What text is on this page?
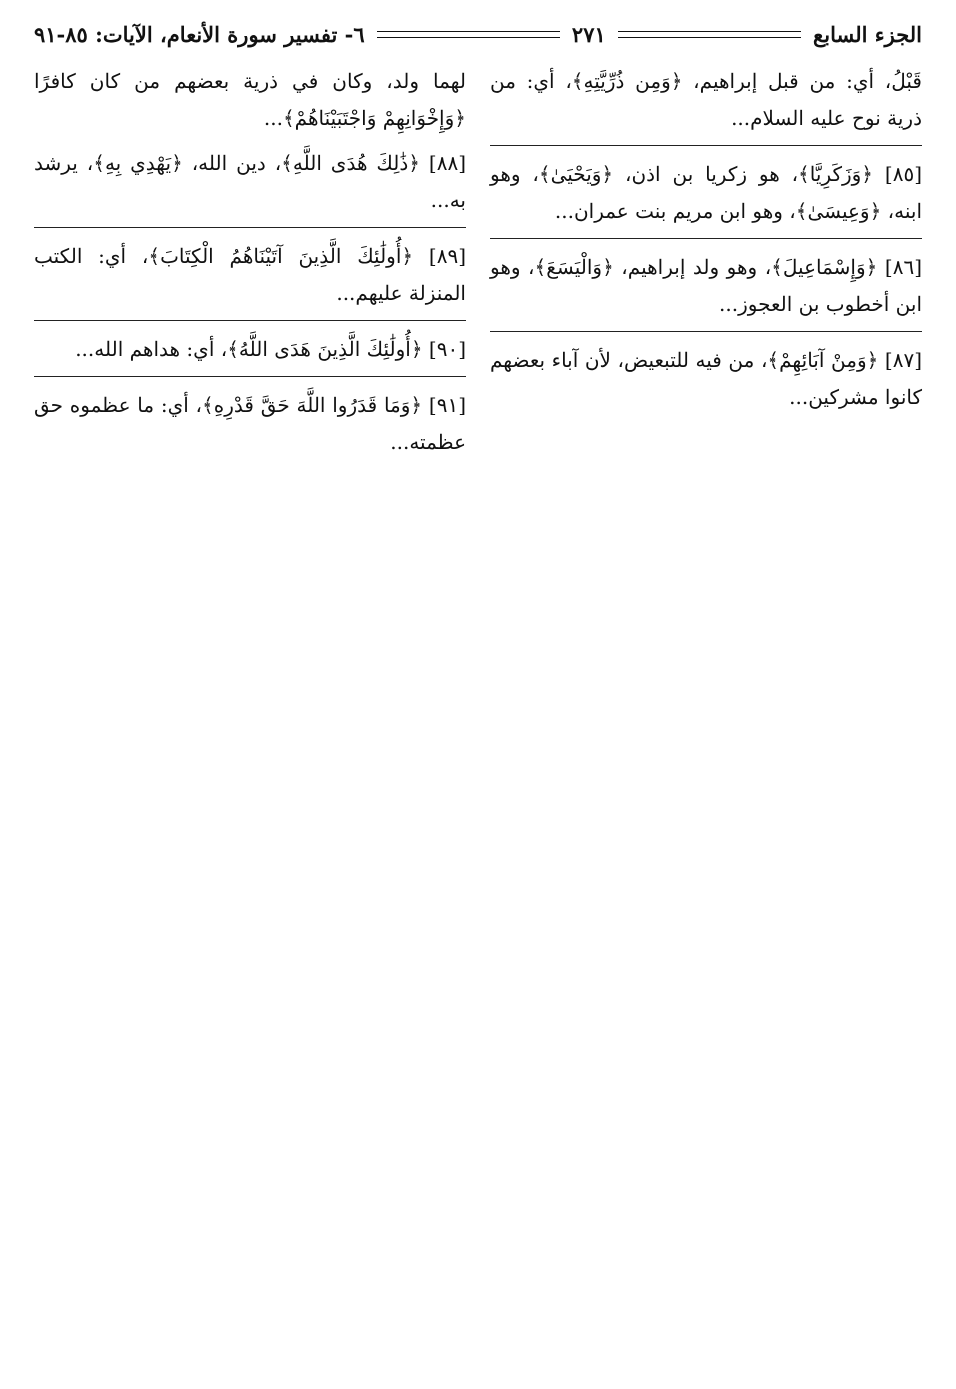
الجزء السابع
٢٧١
٦- تفسير سورة الأنعام، الآيات: ٨٥-٩١

قَبْلُ، أي: من قبل إبراهيم، ﴿وَمِن ذُرِّيَّتِهِ﴾، أي: من ذرية نوح عليه السلام...

[٨٥] ﴿وَزَكَرِيَّا﴾، هو زكريا بن اذن، ﴿وَيَحْيَىٰ﴾، وهو ابنه، ﴿وَعِيسَىٰ﴾، وهو ابن مريم بنت عمران...

[٨٦] ﴿وَإِسْمَاعِيلَ﴾، وهو ولد إبراهيم، ﴿وَالْيَسَعَ﴾، وهو ابن أخطوب بن العجوز...

[٨٧] ﴿وَمِنْ آبَائِهِمْ﴾، من فيه للتبعيض، لأن آباء بعضهم كانوا مشركين...

لهما ولد، وكان في ذرية بعضهم من كان كافرًا ﴿وَإِخْوَانِهِمْ وَاجْتَبَيْنَاهُمْ﴾...

[٨٨] ﴿ذَٰلِكَ هُدَى اللَّهِ﴾، دين الله، ﴿يَهْدِي بِهِ﴾، يرشد به...

[٨٩] ﴿أُولَٰئِكَ الَّذِينَ آتَيْنَاهُمُ الْكِتَابَ﴾، أي: الكتب المنزلة عليهم...

[٩٠] ﴿أُولَٰئِكَ الَّذِينَ هَدَى اللَّهُ﴾، أي: هداهم الله...

[٩١] ﴿وَمَا قَدَرُوا اللَّهَ حَقَّ قَدْرِهِ﴾، أي: ما عظموه حق عظمته...
